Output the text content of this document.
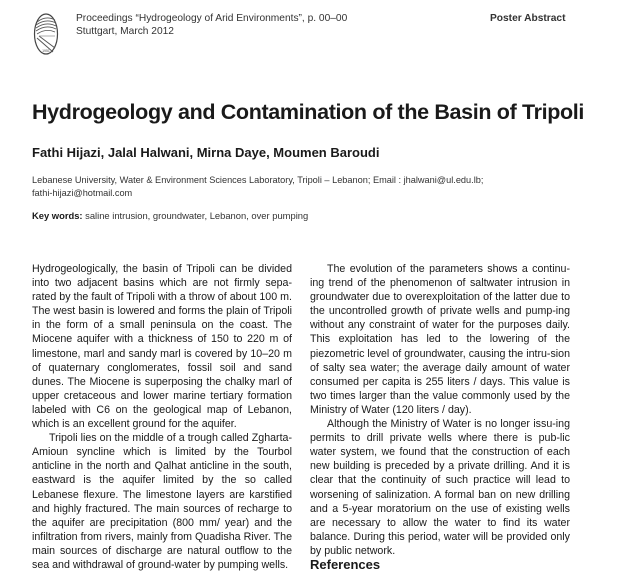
1951
Proceedings “Hydrogeology of Arid Environments”, p. 00–00
Stuttgart, March 2012
Poster Abstract
Hydrogeology and Contamination of the Basin of Tripoli
Fathi Hijazi, Jalal Halwani, Mirna Daye, Moumen Baroudi
Lebanese University, Water & Environment Sciences Laboratory, Tripoli – Lebanon; Email : jhalwani@ul.edu.lb;
fathi-hijazi@hotmail.com
Key words: saline intrusion, groundwater, Lebanon, over pumping

Hydrogeologically, the basin of Tripoli can be divided into two adjacent basins which are not firmly sepa-rated by the fault of Tripoli with a throw of about 100 m. The west basin is lowered and forms the plain of Tripoli in the form of a small peninsula on the coast. The Miocene aquifer with a thickness of 150 to 220 m of limestone, marl and sandy marl is covered by 10–20 m of quaternary conglomerates, fossil soil and sand dunes. The Miocene is superposing the chalky marl of upper cretaceous and lower marine tertiary formation labeled with C6 on the geological map of Lebanon, which is an excellent ground for the aquifer.

Tripoli lies on the middle of a trough called Zgharta-Amioun syncline which is limited by the Tourbol anticline in the north and Qalhat anticline in the south, eastward is the aquifer limited by the so called Lebanese flexure. The limestone layers are karstified and highly fractured. The main sources of recharge to the aquifer are precipitation (800 mm/ year) and the infiltration from rivers, mainly from Quadisha River. The main sources of discharge are natural outflow to the sea and withdrawal of ground-water by pumping wells.

The evolution of the parameters shows a continu-ing trend of the phenomenon of saltwater intrusion in groundwater due to overexploitation of the latter due to the uncontrolled growth of private wells and pump-ing without any constraint of water for the purposes daily. This exploitation has led to the lowering of the piezometric level of groundwater, causing the intru-sion of salty sea water; the average daily amount of water consumed per capita is 255 liters / days. This value is two times larger than the value commonly used by the Ministry of Water (120 liters / day).

Although the Ministry of Water is no longer issu-ing permits to drill private wells where there is pub-lic water system, we found that the construction of each new building is preceded by a private drilling. And it is clear that the continuity of such practice will lead to worsening of salinization. A formal ban on new drilling and a 5-year moratorium on the use of existing wells are necessary to allow the water to find its water balance. During this period, water will be provided only by public network.

References
